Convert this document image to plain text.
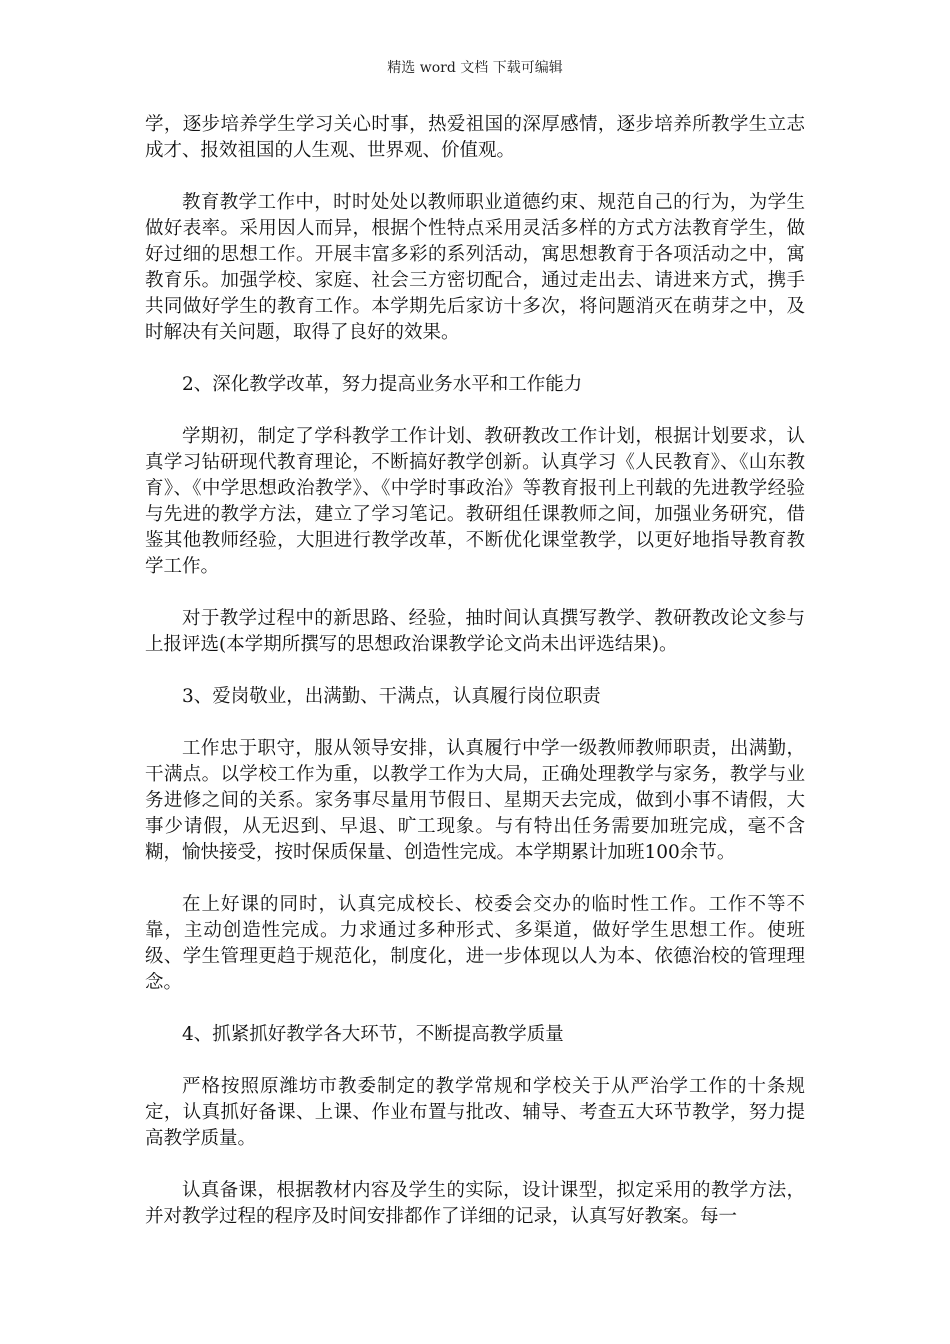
精选 word 文档 下载可编辑

学，逐步培养学生学习关心时事，热爱祖国的深厚感情，逐步培养所教学生立志成才、报效祖国的人生观、世界观、价值观。

教育教学工作中，时时处处以教师职业道德约束、规范自己的行为，为学生做好表率。采用因人而异，根据个性特点采用灵活多样的方式方法教育学生，做好过细的思想工作。开展丰富多彩的系列活动，寓思想教育于各项活动之中，寓教育乐。加强学校、家庭、社会三方密切配合，通过走出去、请进来方式，携手共同做好学生的教育工作。本学期先后家访十多次，将问题消灭在萌芽之中，及时解决有关问题，取得了良好的效果。

2、深化教学改革，努力提高业务水平和工作能力

学期初，制定了学科教学工作计划、教研教改工作计划，根据计划要求，认真学习钻研现代教育理论，不断搞好教学创新。认真学习《人民教育》、《山东教育》、《中学思想政治教学》、《中学时事政治》等教育报刊上刊载的先进教学经验与先进的教学方法，建立了学习笔记。教研组任课教师之间，加强业务研究，借鉴其他教师经验，大胆进行教学改革，不断优化课堂教学，以更好地指导教育教学工作。

对于教学过程中的新思路、经验，抽时间认真撰写教学、教研教改论文参与上报评选(本学期所撰写的思想政治课教学论文尚未出评选结果)。

3、爱岗敬业，出满勤、干满点，认真履行岗位职责

工作忠于职守，服从领导安排，认真履行中学一级教师教师职责，出满勤，干满点。以学校工作为重，以教学工作为大局，正确处理教学与家务，教学与业务进修之间的关系。家务事尽量用节假日、星期天去完成，做到小事不请假，大事少请假，从无迟到、早退、旷工现象。与有特出任务需要加班完成，毫不含糊，愉快接受，按时保质保量、创造性完成。本学期累计加班100余节。

在上好课的同时，认真完成校长、校委会交办的临时性工作。工作不等不靠，主动创造性完成。力求通过多种形式、多渠道，做好学生思想工作。使班级、学生管理更趋于规范化，制度化，进一步体现以人为本、依德治校的管理理念。

4、抓紧抓好教学各大环节，不断提高教学质量

严格按照原潍坊市教委制定的教学常规和学校关于从严治学工作的十条规定，认真抓好备课、上课、作业布置与批改、辅导、考查五大环节教学，努力提高教学质量。

认真备课，根据教材内容及学生的实际，设计课型，拟定采用的教学方法，并对教学过程的程序及时间安排都作了详细的记录，认真写好教案。每一
